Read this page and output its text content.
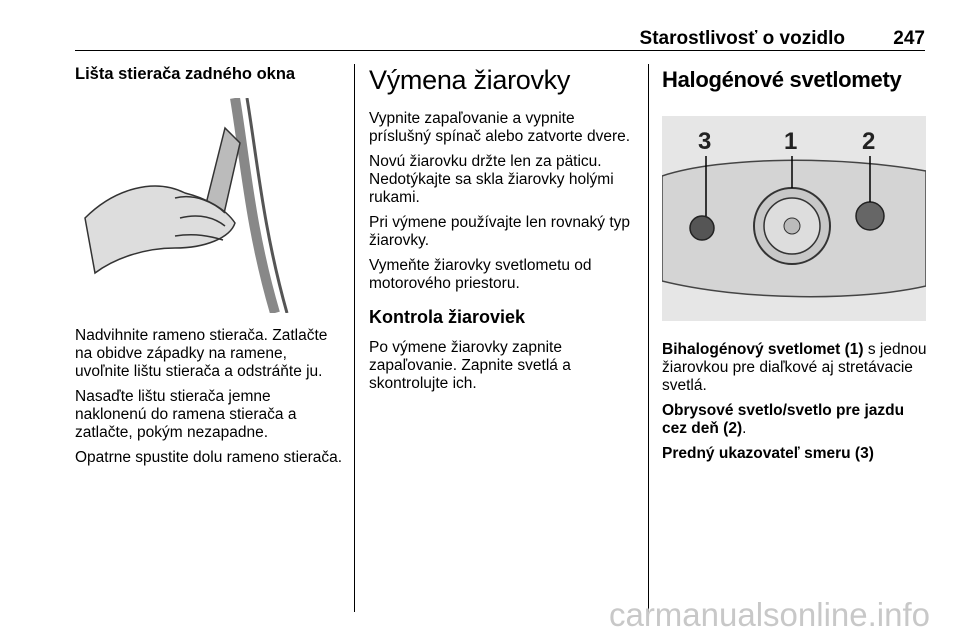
Starostlivosť o vozidlo	247
Lišta stierača zadného okna

Nadvihnite rameno stierača. Zatlačte na obidve západky na ramene, uvoľnite lištu stierača a odstráňte ju.

Nasaďte lištu stierača jemne naklonenú do ramena stierača a zatlačte, pokým nezapadne.

Opatrne spustite dolu rameno stierača.

Výmena žiarovky

Vypnite zapaľovanie a vypnite príslušný spínač alebo zatvorte dvere.

Novú žiarovku držte len za päticu. Nedotýkajte sa skla žiarovky holými rukami.

Pri výmene používajte len rovnaký typ žiarovky.

Vymeňte žiarovky svetlometu od motorového priestoru.

Kontrola žiaroviek

Po výmene žiarovky zapnite zapaľovanie. Zapnite svetlá a skontrolujte ich.

Halogénové svetlomety
3	1	2

Bihalogénový svetlomet (1) s jednou žiarovkou pre diaľkové aj stretávacie svetlá.

Obrysové svetlo/svetlo pre jazdu cez deň (2).

Predný ukazovateľ smeru (3)

carmanualsonline.info
